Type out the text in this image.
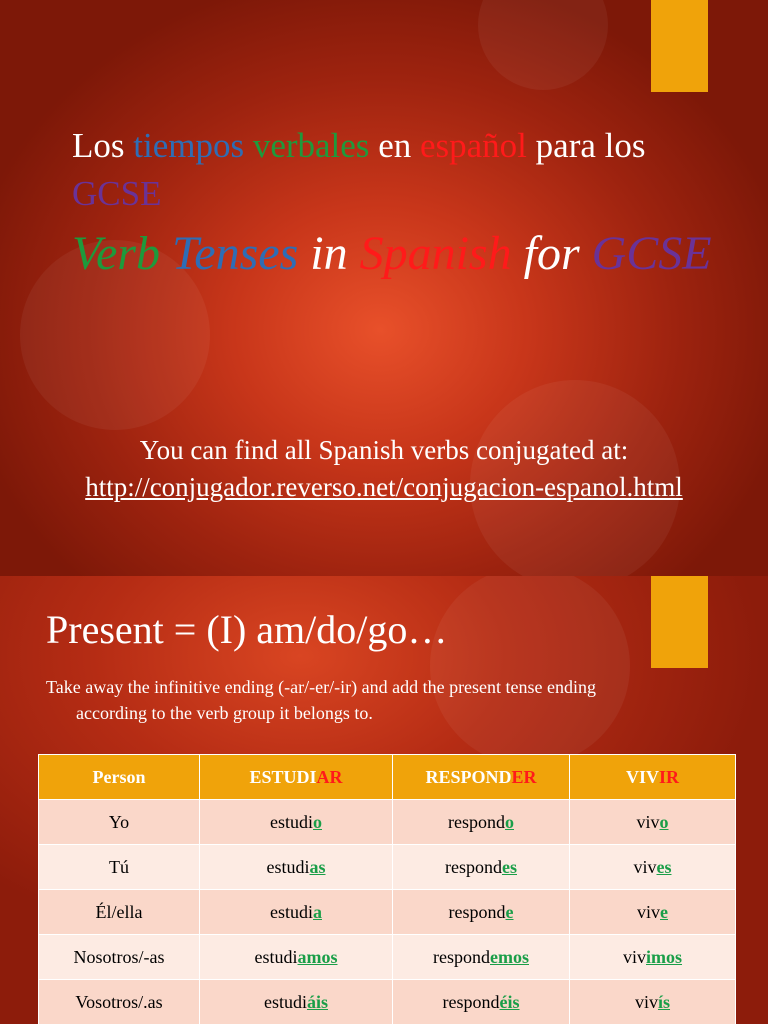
Los tiempos verbales en español para los GCSE
Verb Tenses in Spanish for GCSE
You can find all Spanish verbs conjugated at:
http://conjugador.reverso.net/conjugacion-espanol.html
Present = (I) am/do/go…
Take away the infinitive ending (-ar/-er/-ir) and add the present tense ending
according to the verb group it belongs to.
Person	ESTUDIAR	RESPONDER	VIVIR
Yo	estudio	respondo	vivo
Tú	estudias	respondes	vives
Él/ella	estudia	responde	vive
Nosotros/-as	estudiamos	respondemos	vivimos
Vosotros/.as	estudiáis	respondéis	vivís
